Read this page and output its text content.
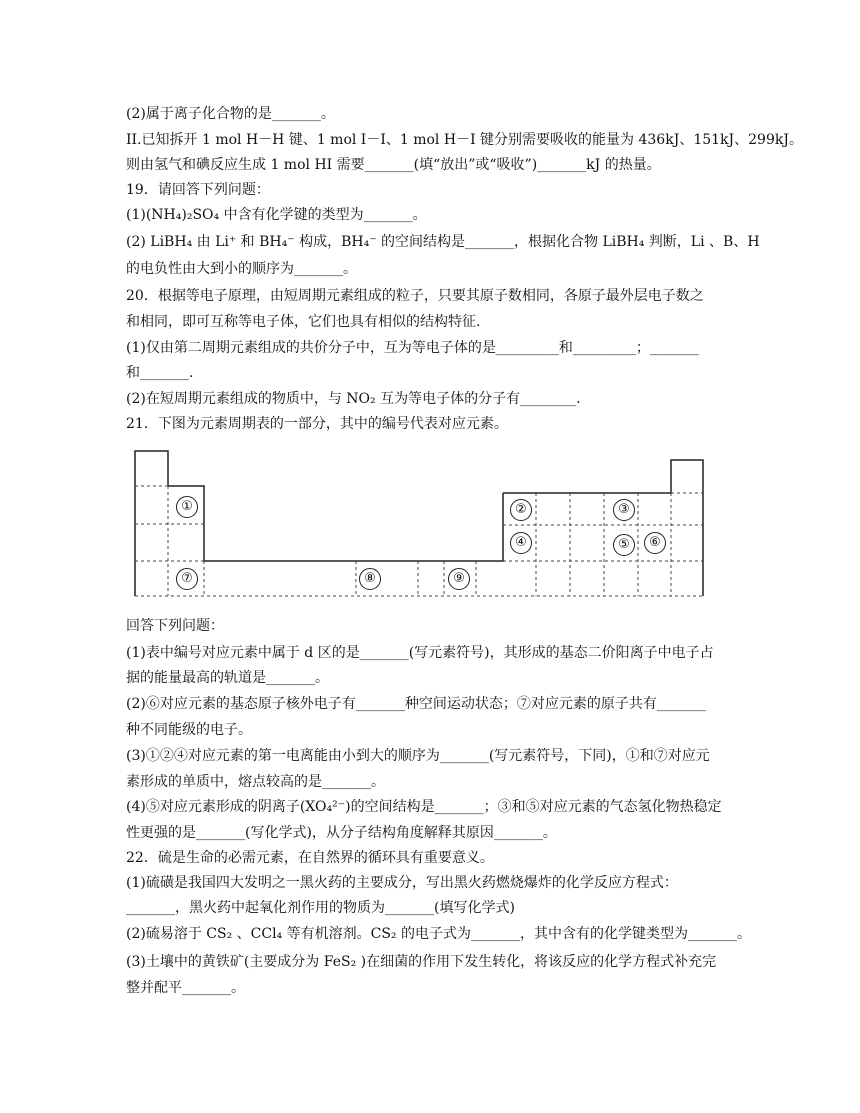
(2)属于离子化合物的是_______。
II.已知拆开 1 mol H－H 键、1 mol I－I、1 mol H－I 键分别需要吸收的能量为 436kJ、151kJ、299kJ。
则由氢气和碘反应生成 1 mol HI 需要_______(填“放出”或“吸收”)_______kJ 的热量。
19．请回答下列问题：
(1)(NH₄)₂SO₄ 中含有化学键的类型为_______。
(2) LiBH₄ 由 Li⁺ 和 BH₄⁻ 构成，BH₄⁻ 的空间结构是_______，根据化合物 LiBH₄ 判断，Li 、B、H
的电负性由大到小的顺序为_______。
20．根据等电子原理，由短周期元素组成的粒子，只要其原子数相同，各原子最外层电子数之
和相同，即可互称等电子体，它们也具有相似的结构特征.
(1)仅由第二周期元素组成的共价分子中，互为等电子体的是_________和_________；_______
和_______.
(2)在短周期元素组成的物质中，与 NO₂ 互为等电子体的分子有________.
21．下图为元素周期表的一部分，其中的编号代表对应元素。
回答下列问题：
(1)表中编号对应元素中属于 d 区的是_______(写元素符号)，其形成的基态二价阳离子中电子占
据的能量最高的轨道是_______。
(2)⑥对应元素的基态原子核外电子有_______种空间运动状态；⑦对应元素的原子共有_______
种不同能级的电子。
(3)①②④对应元素的第一电离能由小到大的顺序为_______(写元素符号，下同)，①和⑦对应元
素形成的单质中，熔点较高的是_______。
(4)⑤对应元素形成的阴离子(XO₄²⁻)的空间结构是_______；③和⑤对应元素的气态氢化物热稳定
性更强的是_______(写化学式)，从分子结构角度解释其原因_______。
22．硫是生命的必需元素，在自然界的循环具有重要意义。
(1)硫磺是我国四大发明之一黑火药的主要成分，写出黑火药燃烧爆炸的化学反应方程式：
_______，黑火药中起氧化剂作用的物质为_______(填写化学式)
(2)硫易溶于 CS₂ 、CCl₄ 等有机溶剂。CS₂ 的电子式为_______，其中含有的化学键类型为_______。
(3)土壤中的黄铁矿(主要成分为 FeS₂ )在细菌的作用下发生转化，将该反应的化学方程式补充完
整并配平_______。
①	②	③
④	⑤	⑥
⑦	⑧	⑨
